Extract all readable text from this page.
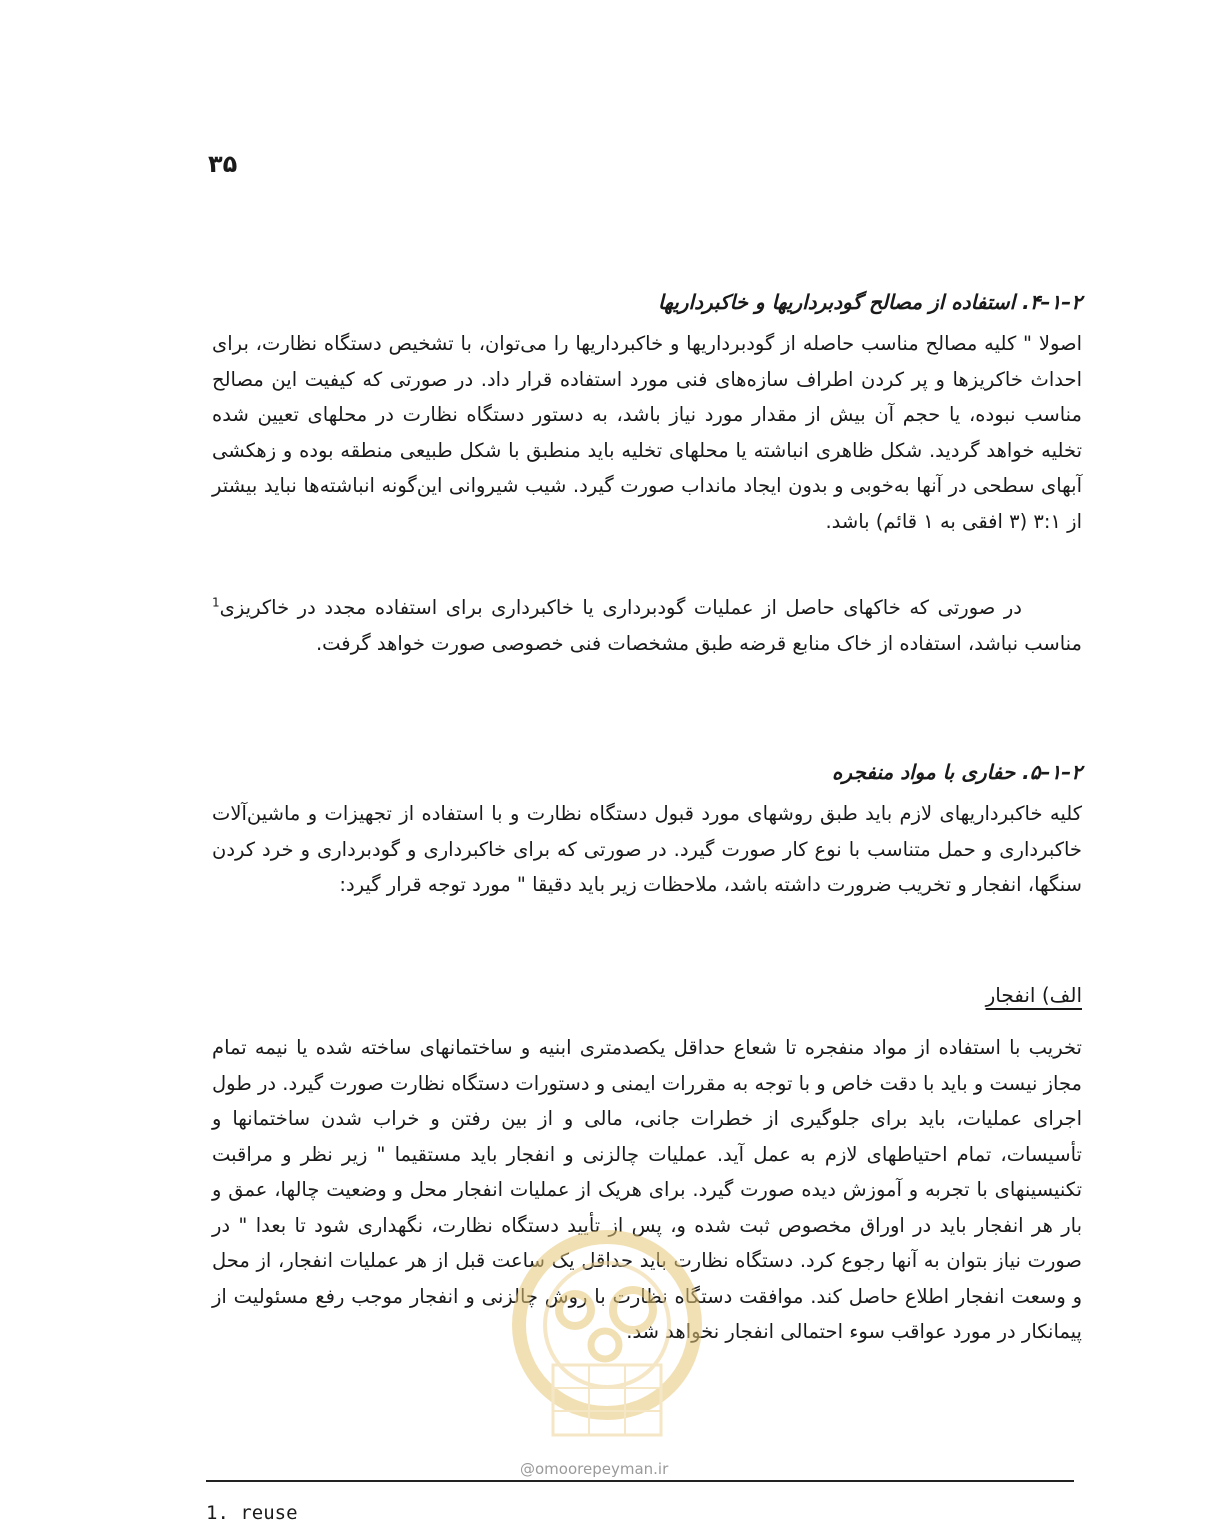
۳۵
۲–۱–۴. استفاده از مصالح گودبرداریها و خاکبرداریها
اصولا " کلیه مصالح مناسب حاصله از گودبرداریها و خاکبرداریها را می‌توان، با تشخیص دستگاه نظارت، برای احداث خاکریزها و پر کردن اطراف سازه‌های فنی مورد استفاده قرار داد. در صورتی که کیفیت این مصالح مناسب نبوده، یا حجم آن بیش از مقدار مورد نیاز باشد، به دستور دستگاه نظارت در محلهای تعیین شده تخلیه خواهد گردید. شکل ظاهری انباشته یا محلهای تخلیه باید منطبق با شکل طبیعی منطقه بوده و زهکشی آبهای سطحی در آنها به‌خوبی و بدون ایجاد مانداب صورت گیرد. شیب شیروانی این‌گونه انباشته‌ها نباید بیشتر از ۳:۱ (۳ افقی به ۱ قائم) باشد.
در صورتی که خاکهای حاصل از عملیات گودبرداری یا خاکبرداری برای استفاده مجدد در خاکریزی$^1$ مناسب نباشد، استفاده از خاک منابع قرضه طبق مشخصات فنی خصوصی صورت خواهد گرفت.
۲–۱–۵. حفاری با مواد منفجره
کلیه خاکبرداریهای لازم باید طبق روشهای مورد قبول دستگاه نظارت و با استفاده از تجهیزات و ماشین‌آلات خاکبرداری و حمل متناسب با نوع کار صورت گیرد. در صورتی که برای خاکبرداری و گودبرداری و خرد کردن سنگها، انفجار و تخریب ضرورت داشته باشد، ملاحظات زیر باید دقیقا " مورد توجه قرار گیرد:
الف) انفجار
تخریب با استفاده از مواد منفجره تا شعاع حداقل یکصدمتری ابنیه و ساختمانهای ساخته شده یا نیمه تمام مجاز نیست و باید با دقت خاص و با توجه به مقررات ایمنی و دستورات دستگاه نظارت صورت گیرد. در طول اجرای عملیات، باید برای جلوگیری از خطرات جانی، مالی و از بین رفتن و خراب شدن ساختمانها و تأسیسات، تمام احتیاطهای لازم به عمل آید. عملیات چالزنی و انفجار باید مستقیما " زیر نظر و مراقبت تکنیسینهای با تجربه و آموزش دیده صورت گیرد. برای هریک از عملیات انفجار محل و وضعیت چالها، عمق و بار هر انفجار باید در اوراق مخصوص ثبت شده و، پس از تأیید دستگاه نظارت، نگهداری شود تا بعدا " در صورت نیاز بتوان به آنها رجوع کرد. دستگاه نظارت باید حداقل یک ساعت قبل از هر عملیات انفجار، از محل و وسعت انفجار اطلاع حاصل کند. موافقت دستگاه نظارت با روش چالزنی و انفجار موجب رفع مسئولیت از پیمانکار در مورد عواقب سوء احتمالی انفجار نخواهد شد.
@omoorepeyman.ir
1. reuse
